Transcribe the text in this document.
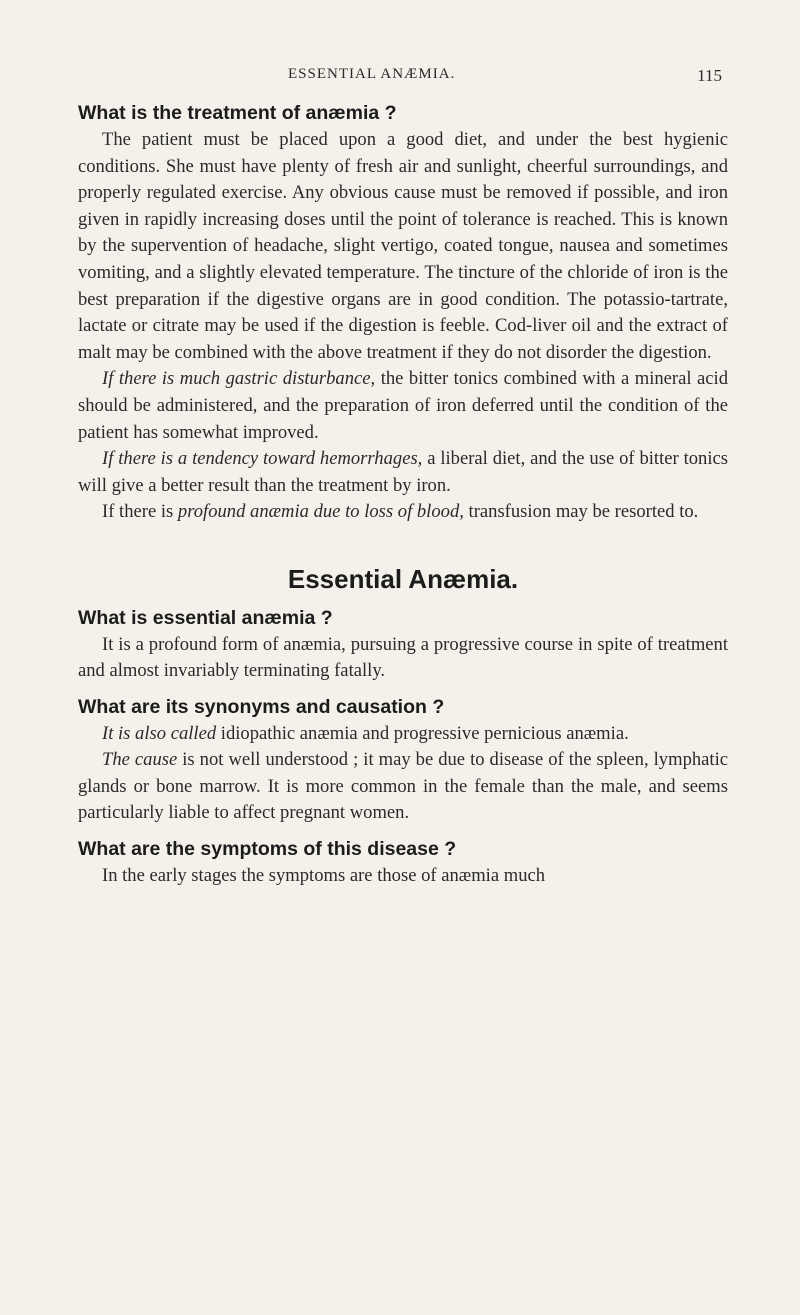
ESSENTIAL ANÆMIA.	115

What is the treatment of anæmia ?

The patient must be placed upon a good diet, and under the best hygienic conditions. She must have plenty of fresh air and sunlight, cheerful surroundings, and properly regulated exercise. Any obvious cause must be removed if possible, and iron given in rapidly increasing doses until the point of tolerance is reached. This is known by the supervention of headache, slight vertigo, coated tongue, nausea and sometimes vomiting, and a slightly elevated temperature. The tincture of the chloride of iron is the best preparation if the digestive organs are in good condition. The potassio-tartrate, lactate or citrate may be used if the digestion is feeble. Cod-liver oil and the extract of malt may be combined with the above treatment if they do not disorder the digestion.

If there is much gastric disturbance, the bitter tonics combined with a mineral acid should be administered, and the preparation of iron deferred until the condition of the patient has somewhat improved.

If there is a tendency toward hemorrhages, a liberal diet, and the use of bitter tonics will give a better result than the treatment by iron.

If there is profound anæmia due to loss of blood, transfusion may be resorted to.

Essential Anæmia.

What is essential anæmia ?

It is a profound form of anæmia, pursuing a progressive course in spite of treatment and almost invariably terminating fatally.

What are its synonyms and causation ?

It is also called idiopathic anæmia and progressive pernicious anæmia.

The cause is not well understood ; it may be due to disease of the spleen, lymphatic glands or bone marrow. It is more common in the female than the male, and seems particularly liable to affect pregnant women.

What are the symptoms of this disease ?

In the early stages the symptoms are those of anæmia much
